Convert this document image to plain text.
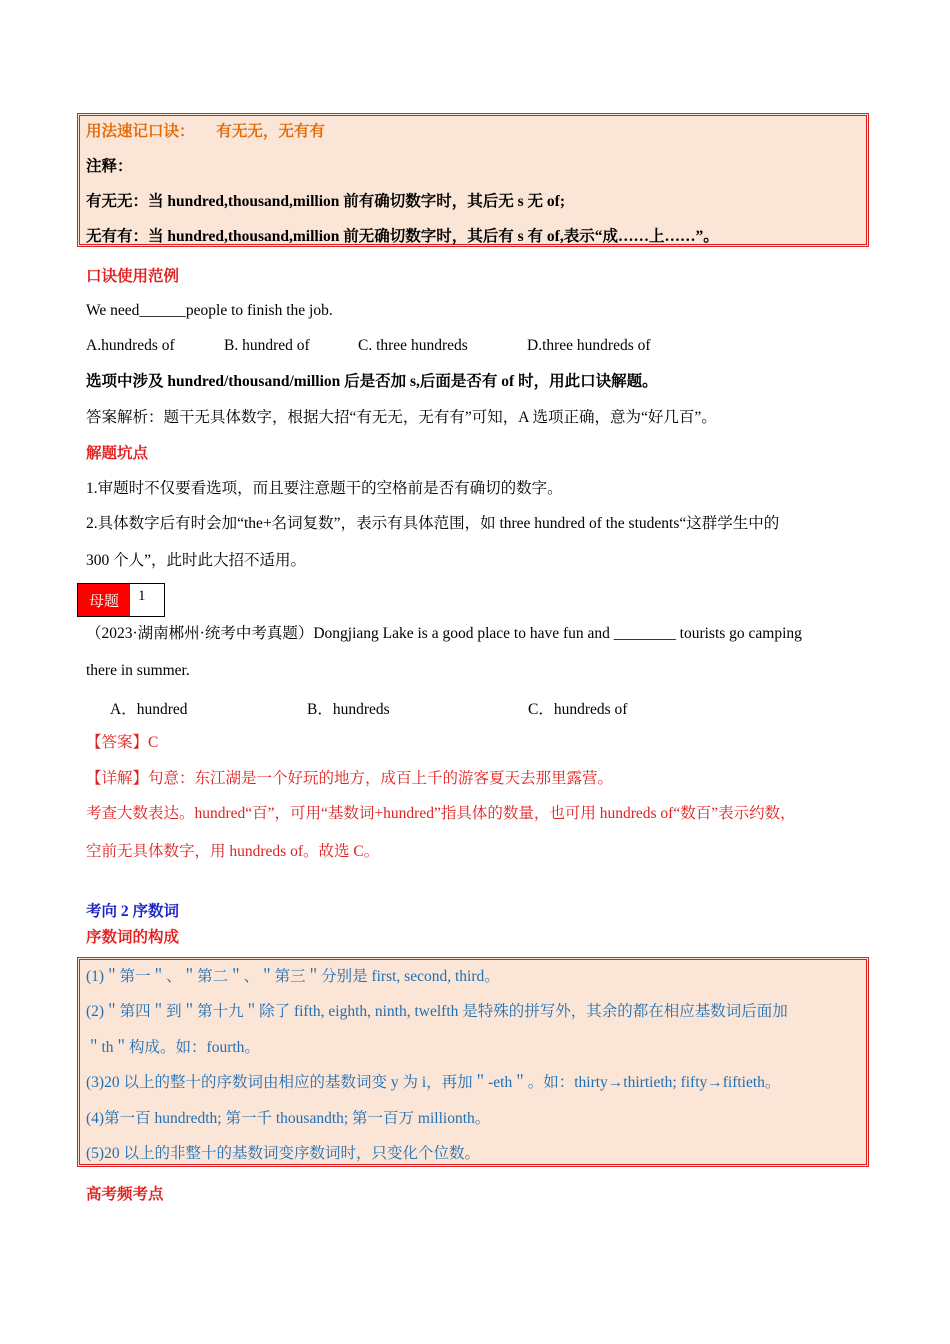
用法速记口诀： 有无无，无有有
注释：
有无无：当 hundred,thousand,million 前有确切数字时，其后无 s 无 of;
无有有：当 hundred,thousand,million 前无确切数字时，其后有 s 有 of,表示“成……上……”。
口诀使用范例
We need______people to finish the job.
A.hundreds of	B. hundred of	C. three hundreds	D.three hundreds of
选项中涉及 hundred/thousand/million 后是否加 s,后面是否有 of 时，用此口诀解题。
答案解析：题干无具体数字，根据大招“有无无，无有有”可知，A 选项正确，意为“好几百”。
解题坑点
1.审题时不仅要看选项，而且要注意题干的空格前是否有确切的数字。
2.具体数字后有时会加“the+名词复数”，表示有具体范围，如 three hundred of the students“这群学生中的
300 个人”，此时此大招不适用。
母题	1
（2023·湖南郴州·统考中考真题）Dongjiang Lake is a good place to have fun and ________ tourists go camping
there in summer.
A．hundred	B．hundreds	C．hundreds of
【答案】C
【详解】句意：东江湖是一个好玩的地方，成百上千的游客夏天去那里露营。
考查大数表达。hundred“百”，可用“基数词+hundred”指具体的数量，也可用 hundreds of“数百”表示约数，
空前无具体数字，用 hundreds of。故选 C。
考向 2 序数词
序数词的构成
(1)＂第一＂、＂第二＂、＂第三＂分别是 first, second, third。
(2)＂第四＂到＂第十九＂除了 fifth, eighth, ninth, twelfth 是特殊的拼写外，其余的都在相应基数词后面加
＂th＂构成。如：fourth。
(3)20 以上的整十的序数词由相应的基数词变 y 为 i，再加＂-eth＂。如：thirty→thirtieth; fifty→fiftieth。
(4)第一百 hundredth; 第一千 thousandth; 第一百万 millionth。
(5)20 以上的非整十的基数词变序数词时，只变化个位数。
高考频考点
